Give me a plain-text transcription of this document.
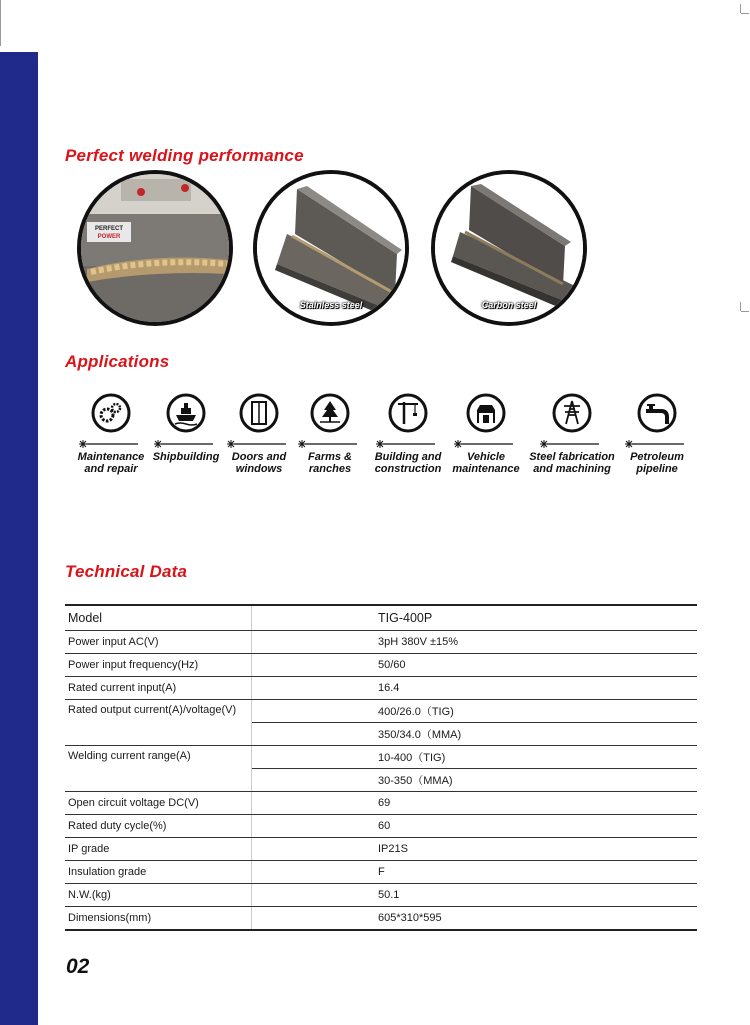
Perfect welding performance
PERFECT
POWER
Stainless steel	Carbon steel
Applications
Maintenance
and repair
Shipbuilding	Doors and
windows
Farms &
ranches
Building and
construction
Vehicle
maintenance
Steel fabrication
and machining
Petroleum
pipeline
Technical Data
Model	TIG-400P
Power input AC(V)	3pH 380V ±15%
Power input frequency(Hz)	50/60
Rated current input(A)	16.4
Rated output current(A)/voltage(V)	400/26.0（TIG)
	350/34.0（MMA)
Welding current range(A)	10-400（TIG)
	30-350（MMA)
Open circuit voltage DC(V)	69
Rated duty cycle(%)	60
IP grade	IP21S
Insulation grade	F
N.W.(kg)	50.1
Dimensions(mm)	605*310*595
02
